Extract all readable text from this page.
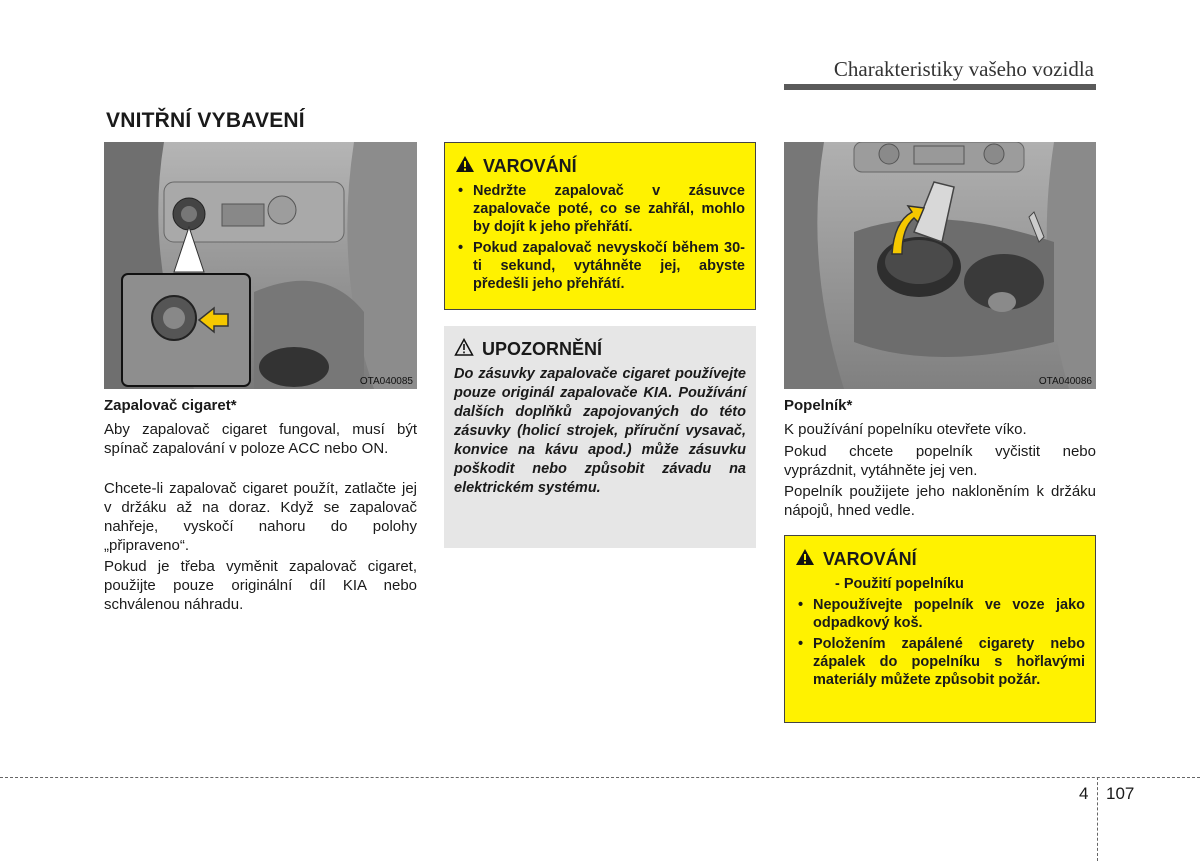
Charakteristiky vašeho vozidla
VNITŘNÍ VYBAVENÍ
OTA040085
Zapalovač cigaret*

Aby zapalovač cigaret fungoval, musí být spínač zapalování v poloze ACC nebo ON.

Chcete-li zapalovač cigaret použít, zatlačte jej v držáku až na doraz. Když se zapalovač nahřeje, vyskočí nahoru do polohy „připraveno“.

Pokud je třeba vyměnit zapalovač cigaret, použijte pouze originální díl KIA nebo schválenou náhradu.

VAROVÁNÍ
• Nedržte zapalovač v zásuvce zapalovače poté, co se zahřál, mohlo by dojít k jeho přehřátí.
• Pokud zapalovač nevyskočí během 30-ti sekund, vytáhněte jej, abyste předešli jeho přehřátí.
UPOZORNĚNÍ

Do zásuvky zapalovače cigaret používejte pouze originál zapalovače KIA. Používání dalších doplňků zapojovaných do této zásuvky (holicí strojek, příruční vysavač, konvice na kávu apod.) může zásuvku poškodit nebo způsobit závadu na elektrickém systému.

OTA040086
Popelník*

K používání popelníku otevřete víko.

Pokud chcete popelník vyčistit nebo vyprázdnit, vytáhněte jej ven.

Popelník použijete jeho nakloněním k držáku nápojů, hned vedle.

VAROVÁNÍ
- Použití popelníku
• Nepoužívejte popelník ve voze jako odpadkový koš.
• Položením zapálené cigarety nebo zápalek do popelníku s hořlavými materiály můžete způsobit požár.
4 107
